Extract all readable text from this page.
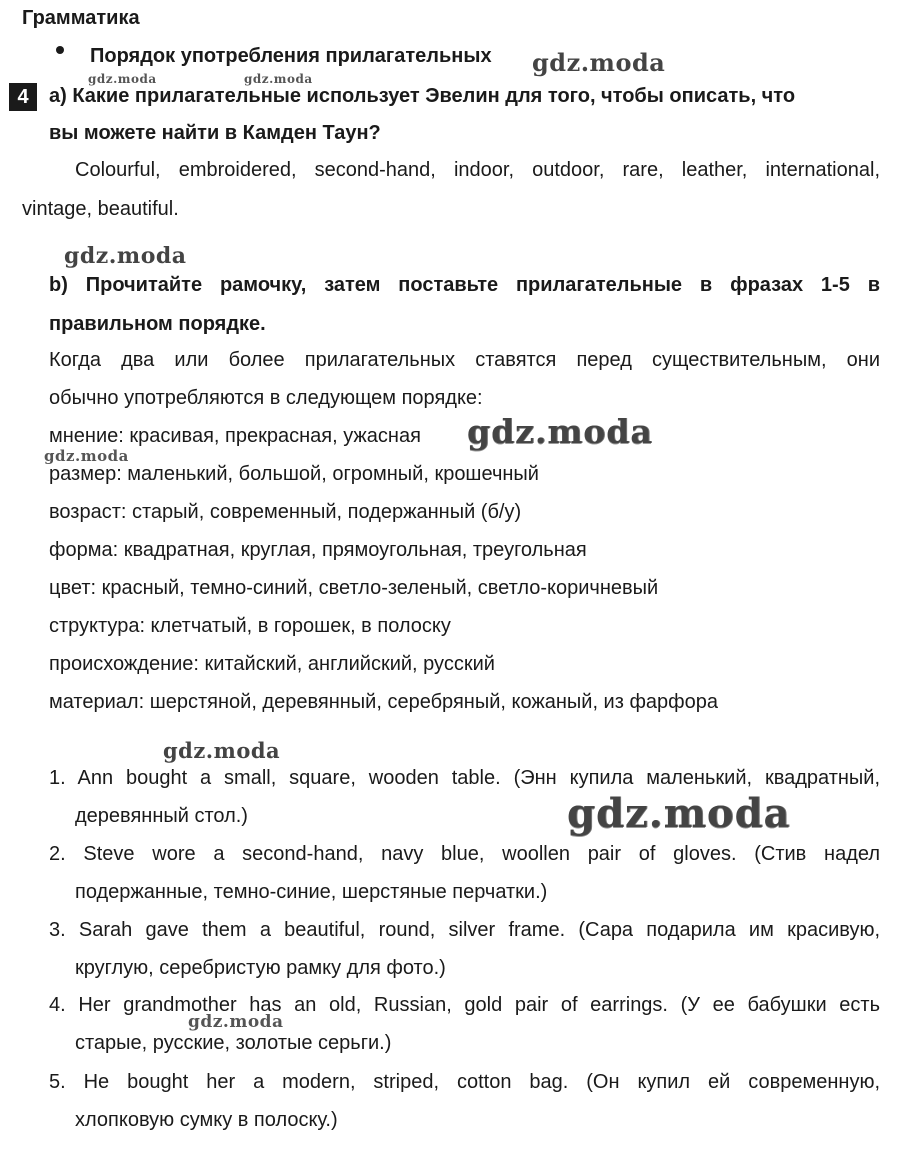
Грамматика
Порядок употребления прилагательных
4	a) Какие прилагательные использует Эвелин для того, чтобы описать, что
вы можете найти в Камден Таун?
Colourful, embroidered, second-hand, indoor, outdoor, rare, leather, international,
vintage, beautiful.
b) Прочитайте рамочку, затем поставьте прилагательные в фразах 1-5 в
правильном порядке.
Когда два или более прилагательных ставятся перед существительным, они
обычно употребляются в следующем порядке:
мнение: красивая, прекрасная, ужасная
размер: маленький, большой, огромный, крошечный
возраст: старый, современный, подержанный (б/у)
форма: квадратная, круглая, прямоугольная, треугольная
цвет: красный, темно-синий, светло-зеленый, светло-коричневый
структура: клетчатый, в горошек, в полоску
происхождение: китайский, английский, русский
материал: шерстяной, деревянный, серебряный, кожаный, из фарфора
1. Ann bought a small, square, wooden table. (Энн купила маленький, квадратный,
деревянный стол.)
2. Steve wore a second-hand, navy blue, woollen pair of gloves. (Стив надел
подержанные, темно-синие, шерстяные перчатки.)
3. Sarah gave them a beautiful, round, silver frame. (Сара подарила им красивую,
круглую, серебристую рамку для фото.)
4. Her grandmother has an old, Russian, gold pair of earrings. (У ее бабушки есть
старые, русские, золотые серьги.)
5. He bought her a modern, striped, cotton bag. (Он купил ей современную,
хлопковую сумку в полоску.)
gdz.moda
gdz.moda	gdz.moda
gdz.moda
gdz.moda
gdz.moda
gdz.moda
gdz.moda
gdz.moda
